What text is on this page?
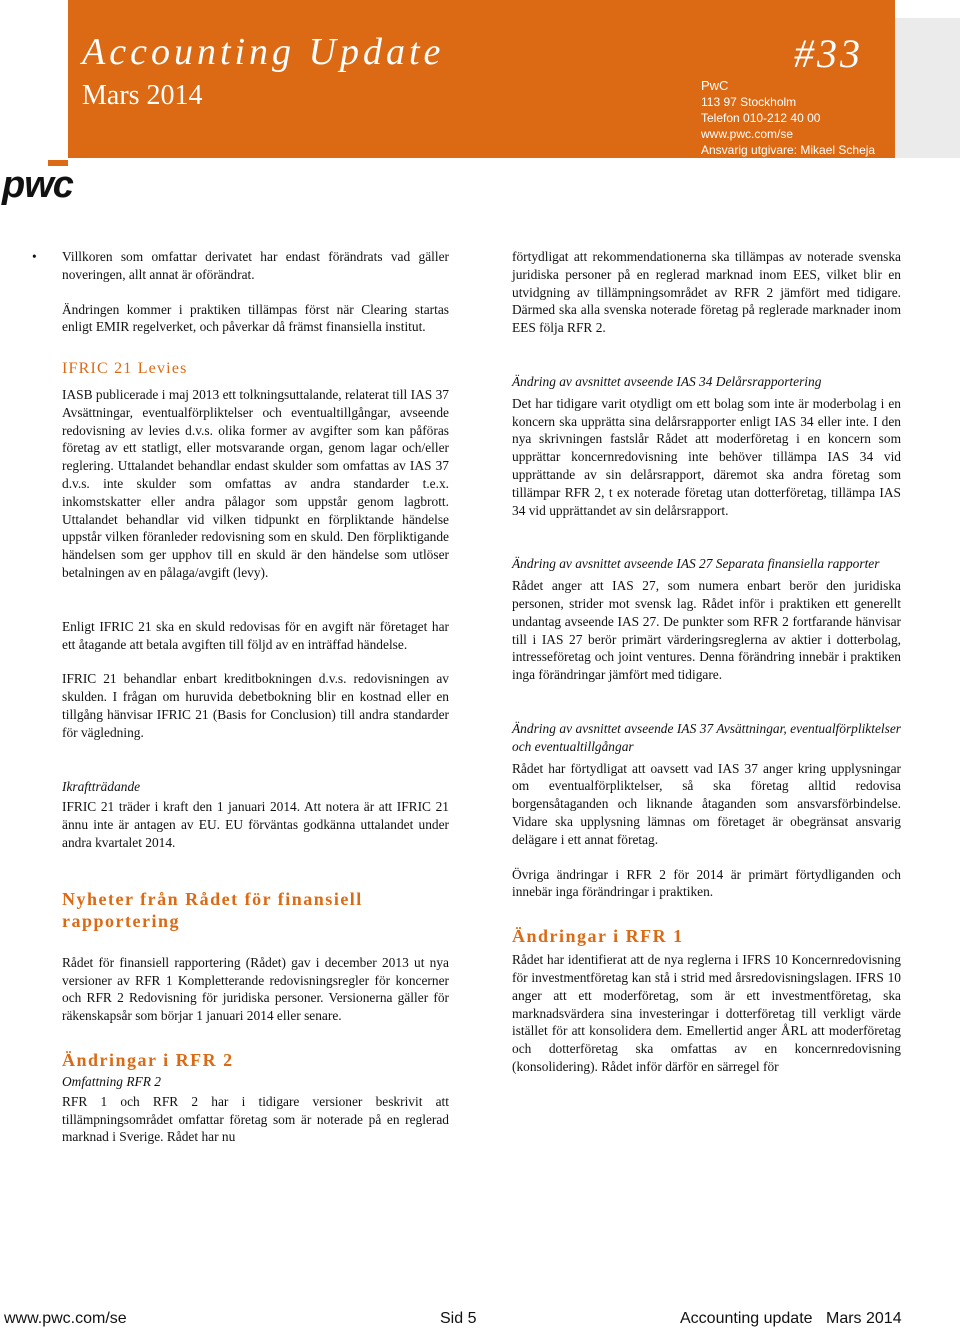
Accounting Update	#33
Mars 2014	PwC
113 97 Stockholm
Telefon 010-212 40 00
www.pwc.com/se
Ansvarig utgivare: Mikael Scheja
pwc

• Villkoren som omfattar derivatet har endast förändrats vad gäller noveringen, allt annat är oförändrat.

Ändringen kommer i praktiken tillämpas först när Clearing startas enligt EMIR regelverket, och påverkar då främst finansiella institut.

IFRIC 21 Levies

IASB publicerade i maj 2013 ett tolkningsuttalande, relaterat till IAS 37 Avsättningar, eventualförpliktelser och eventualtillgångar, avseende redovisning av levies d.v.s. olika former av avgifter som kan påföras företag av ett statligt, eller motsvarande organ, genom lagar och/eller reglering. Uttalandet behandlar endast skulder som omfattas av IAS 37 d.v.s. inte skulder som omfattas av andra standarder t.e.x. inkomstskatter eller andra pålagor som uppstår genom lagbrott. Uttalandet behandlar vid vilken tidpunkt en förpliktande händelse uppstår vilken föranleder redovisning som en skuld. Den förpliktigande händelsen som ger upphov till en skuld är den händelse som utlöser betalningen av en pålaga/avgift (levy).

Enligt IFRIC 21 ska en skuld redovisas för en avgift när företaget har ett åtagande att betala avgiften till följd av en inträffad händelse.

IFRIC 21 behandlar enbart kreditbokningen d.v.s. redovisningen av skulden. I frågan om huruvida debetbokning blir en kostnad eller en tillgång hänvisar IFRIC 21 (Basis for Conclusion) till andra standarder för vägledning.

Ikraftträdande

IFRIC 21 träder i kraft den 1 januari 2014. Att notera är att IFRIC 21 ännu inte är antagen av EU. EU förväntas godkänna uttalandet under andra kvartalet 2014.

Nyheter från Rådet för finansiell rapportering

Rådet för finansiell rapportering (Rådet) gav i december 2013 ut nya versioner av RFR 1 Kompletterande redovisningsregler för koncerner och RFR 2 Redovisning för juridiska personer. Versionerna gäller för räkenskapsår som börjar 1 januari 2014 eller senare.

Ändringar i RFR 2

Omfattning RFR 2

RFR 1 och RFR 2 har i tidigare versioner beskrivit att tillämpningsområdet omfattar företag som är noterade på en reglerad marknad i Sverige. Rådet har nu

förtydligat att rekommendationerna ska tillämpas av noterade svenska juridiska personer på en reglerad marknad inom EES, vilket blir en utvidgning av tillämpningsområdet av RFR 2 jämfört med tidigare. Därmed ska alla svenska noterade företag på reglerade marknader inom EES följa RFR 2.

Ändring av avsnittet avseende IAS 34 Delårsrapportering

Det har tidigare varit otydligt om ett bolag som inte är moderbolag i en koncern ska upprätta sina delårsrapporter enligt IAS 34 eller inte. I den nya skrivningen fastslår Rådet att moderföretag i en koncern som upprättar koncernredovisning inte behöver tillämpa IAS 34 vid upprättande av sin delårsrapport, däremot ska andra företag som tillämpar RFR 2, t ex noterade företag utan dotterföretag, tillämpa IAS 34 vid upprättandet av sin delårsrapport.

Ändring av avsnittet avseende IAS 27 Separata finansiella rapporter

Rådet anger att IAS 27, som numera enbart berör den juridiska personen, strider mot svensk lag. Rådet inför i praktiken ett generellt undantag avseende IAS 27. De punkter som RFR 2 fortfarande hänvisar till i IAS 27 berör primärt värderingsreglerna av aktier i dotterbolag, intresseföretag och joint ventures. Denna förändring innebär i praktiken inga förändringar jämfört med tidigare.

Ändring av avsnittet avseende IAS 37 Avsättningar, eventualförpliktelser och eventualtillgångar

Rådet har förtydligat att oavsett vad IAS 37 anger kring upplysningar om eventualförpliktelser, så ska företag alltid redovisa borgensåtaganden och liknande åtaganden som ansvarsförbindelse. Vidare ska upplysning lämnas om företaget är obegränsat ansvarig delägare i ett annat företag.

Övriga ändringar i RFR 2 för 2014 är primärt förtydliganden och innebär inga förändringar i praktiken.

Ändringar i RFR 1

Rådet har identifierat att de nya reglerna i IFRS 10 Koncernredovisning för investmentföretag kan stå i strid med årsredovisningslagen. IFRS 10 anger att ett moderföretag, som är ett investmentföretag, ska marknadsvärdera sina investeringar i dotterföretag till verkligt värde istället för att konsolidera dem. Emellertid anger ÅRL att moderföretag och dotterföretag ska omfattas av en koncernredovisning (konsolidering). Rådet inför därför en särregel för

www.pwc.com/se	Sid 5	Accounting update Mars 2014
